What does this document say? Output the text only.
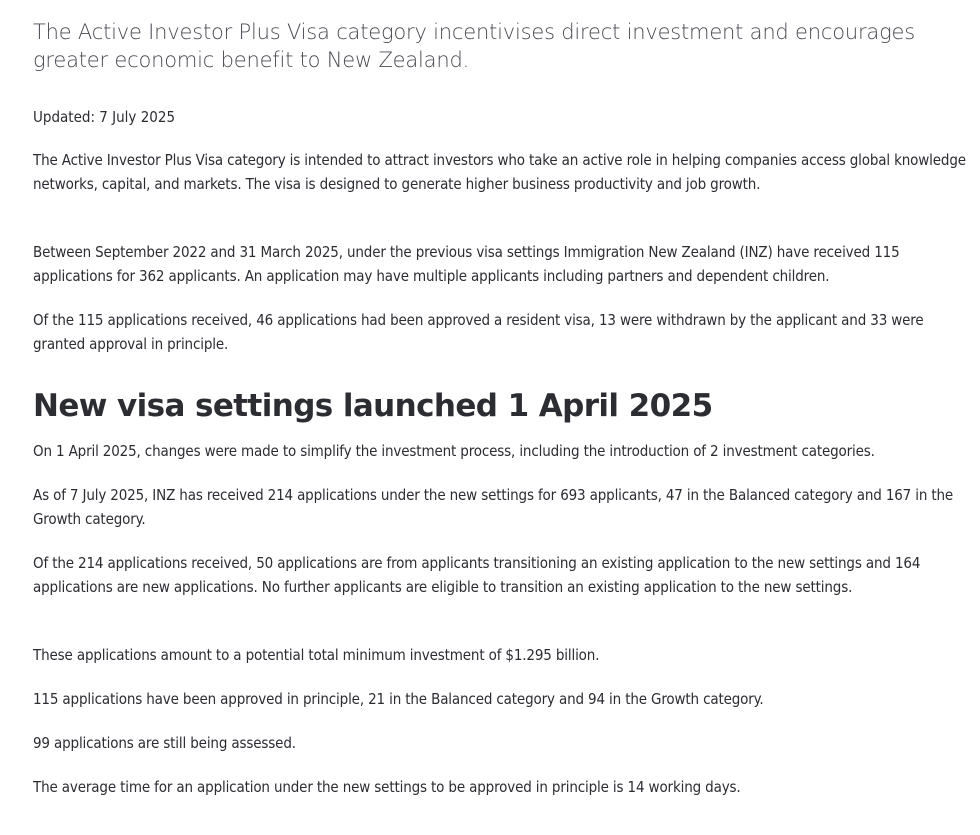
The Active Investor Plus Visa category incentivises direct investment and encourages greater economic benefit to New Zealand.

Updated: 7 July 2025

The Active Investor Plus Visa category is intended to attract investors who take an active role in helping companies access global knowledge networks, capital, and markets. The visa is designed to generate higher business productivity and job growth.

Between September 2022 and 31 March 2025, under the previous visa settings Immigration New Zealand (INZ) have received 115 applications for 362 applicants. An application may have multiple applicants including partners and dependent children.

Of the 115 applications received, 46 applications had been approved a resident visa, 13 were withdrawn by the applicant and 33 were granted approval in principle.

New visa settings launched 1 April 2025

On 1 April 2025, changes were made to simplify the investment process, including the introduction of 2 investment categories.

As of 7 July 2025, INZ has received 214 applications under the new settings for 693 applicants, 47 in the Balanced category and 167 in the Growth category.

Of the 214 applications received, 50 applications are from applicants transitioning an existing application to the new settings and 164 applications are new applications. No further applicants are eligible to transition an existing application to the new settings.

These applications amount to a potential total minimum investment of $1.295 billion.

115 applications have been approved in principle, 21 in the Balanced category and 94 in the Growth category.

99 applications are still being assessed.

The average time for an application under the new settings to be approved in principle is 14 working days.
